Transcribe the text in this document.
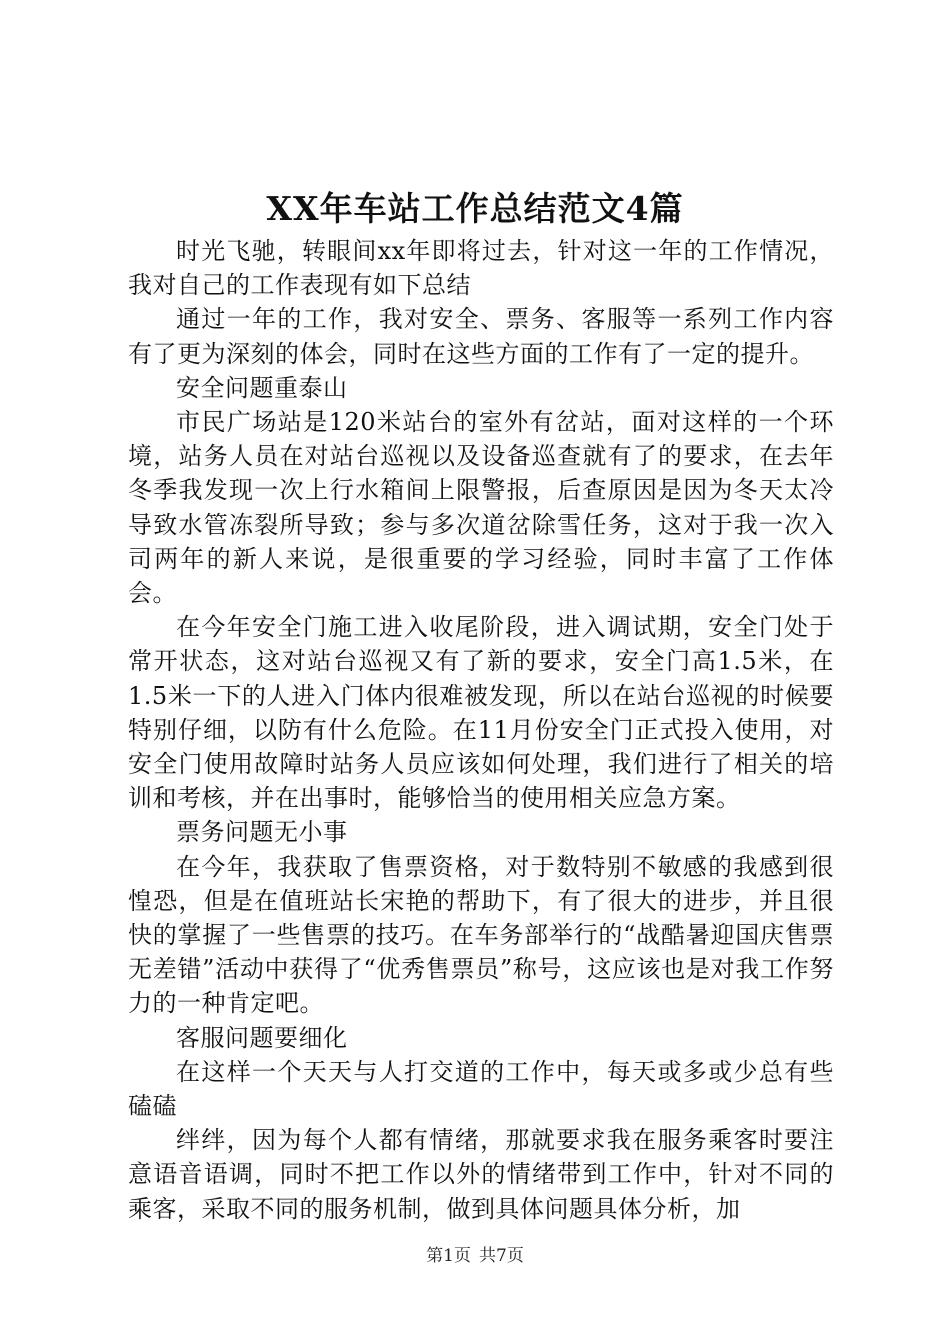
XX年车站工作总结范文4篇

时光飞驰，转眼间xx年即将过去，针对这一年的工作情况，我对自己的工作表现有如下总结

通过一年的工作，我对安全、票务、客服等一系列工作内容有了更为深刻的体会，同时在这些方面的工作有了一定的提升。

安全问题重泰山

市民广场站是120米站台的室外有岔站，面对这样的一个环境，站务人员在对站台巡视以及设备巡查就有了的要求，在去年冬季我发现一次上行水箱间上限警报，后查原因是因为冬天太冷导致水管冻裂所导致；参与多次道岔除雪任务，这对于我一次入司两年的新人来说，是很重要的学习经验，同时丰富了工作体会。

在今年安全门施工进入收尾阶段，进入调试期，安全门处于常开状态，这对站台巡视又有了新的要求，安全门高1.5米，在1.5米一下的人进入门体内很难被发现，所以在站台巡视的时候要特别仔细，以防有什么危险。在11月份安全门正式投入使用，对安全门使用故障时站务人员应该如何处理，我们进行了相关的培训和考核，并在出事时，能够恰当的使用相关应急方案。

票务问题无小事

在今年，我获取了售票资格，对于数特别不敏感的我感到很惶恐，但是在值班站长宋艳的帮助下，有了很大的进步，并且很快的掌握了一些售票的技巧。在车务部举行的“战酷暑迎国庆售票无差错”活动中获得了“优秀售票员”称号，这应该也是对我工作努力的一种肯定吧。

客服问题要细化

在这样一个天天与人打交道的工作中，每天或多或少总有些磕磕

绊绊，因为每个人都有情绪，那就要求我在服务乘客时要注意语音语调，同时不把工作以外的情绪带到工作中，针对不同的乘客，采取不同的服务机制，做到具体问题具体分析，加

第1页 共7页
